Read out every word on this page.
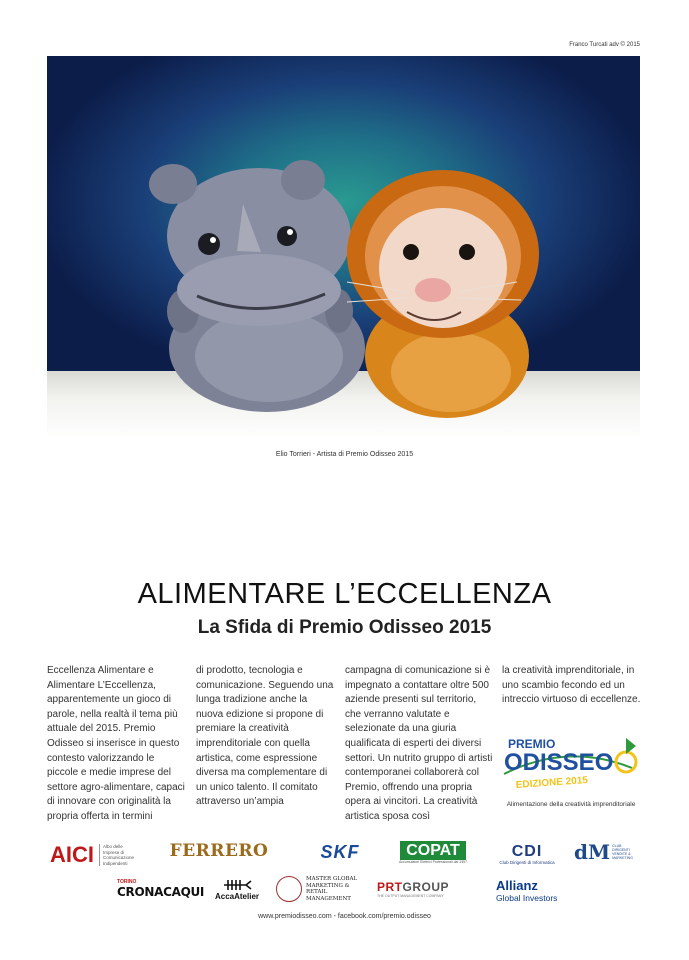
Franco Turcati adv © 2015
Elio Torrieri - Artista di Premio Odisseo 2015
ALIMENTARE L’ECCELLENZA
La Sfida di Premio Odisseo 2015

Eccellenza Alimentare e Alimentare L’Eccellenza, apparentemente un gioco di parole, nella realtà il tema più attuale del 2015. Premio Odisseo si inserisce in questo contesto valorizzando le piccole e medie imprese del settore agro-alimentare, capaci di innovare con originalità la propria offerta in termini

di prodotto, tecnologia e comunicazione. Seguendo una lunga tradizione anche la nuova edizione si propone di premiare la creatività imprenditoriale con quella artistica, come espressione diversa ma complementare di un unico talento. Il comitato attraverso un’ampia

campagna di comunicazione si è impegnato a contattare oltre 500 aziende presenti sul territorio, che verranno valutate e selezionate da una giuria qualificata di esperti dei diversi settori. Un nutrito gruppo di artisti contemporanei collaborerà col Premio, offrendo una propria opera ai vincitori. La creatività artistica sposa così

la creatività imprenditoriale, in uno scambio fecondo ed un intreccio virtuoso di eccellenze.

PREMIO
ODISSEO
EDIZIONE 2015
Alimentazione della creatività imprenditoriale
AICI	Albo delle Imprese di Comunicazione Indipendenti
FERRERO	SKF	COPAT
Accumulatori Elettrici Professionali dal 1957
CDI
Club Dirigenti di Informatica dM CLUB DIRIGENTI VENDITE & MARKETING
TORINO
CRONACAQUI AccaAtelier
MASTER GLOBAL MARKETING & RETAIL MANAGEMENT
PRTGROUP
THE OUTPUT MANAGEMENT COMPANY
Allianz
Global Investors
www.premiodisseo.com - facebook.com/premio.odisseo
